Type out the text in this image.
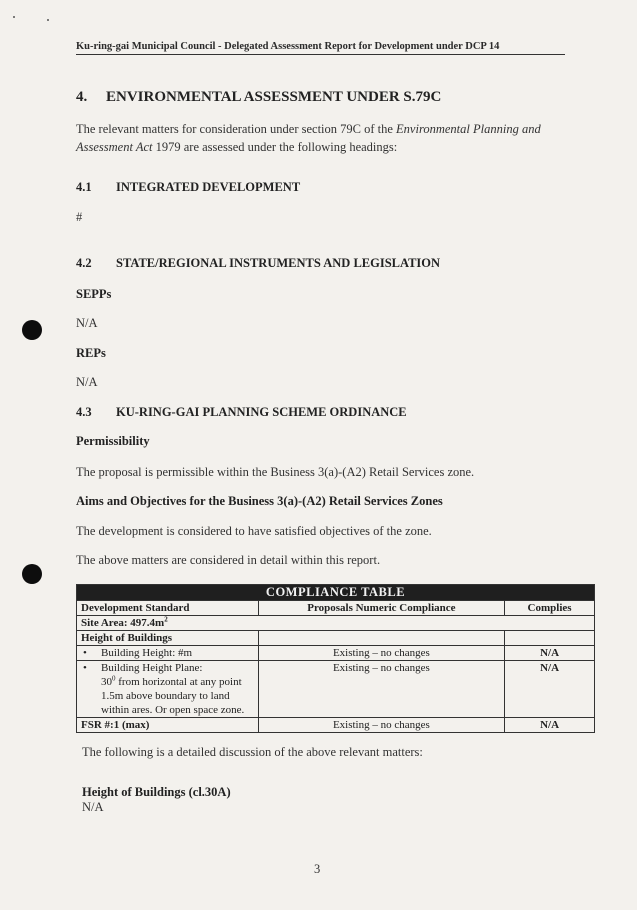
Ku-ring-gai Municipal Council - Delegated Assessment Report for Development under DCP 14
4. ENVIRONMENTAL ASSESSMENT UNDER S.79C
The relevant matters for consideration under section 79C of the Environmental Planning and Assessment Act 1979 are assessed under the following headings:
4.1 INTEGRATED DEVELOPMENT
#
4.2 STATE/REGIONAL INSTRUMENTS AND LEGISLATION
SEPPs
N/A
REPs
N/A
4.3 KU-RING-GAI PLANNING SCHEME ORDINANCE
Permissibility
The proposal is permissible within the Business 3(a)-(A2) Retail Services zone.
Aims and Objectives for the Business 3(a)-(A2) Retail Services Zones
The development is considered to have satisfied objectives of the zone.
The above matters are considered in detail within this report.
COMPLIANCE TABLE		
Development Standard	Proposals Numeric Compliance	Complies
Site Area: $497.4m^2$
Height of Buildings		

• Building Height: #m	Existing – no changes	N/A

• Building Height Plane:
$30^0$ from horizontal at any point 1.5m above boundary to land within ares. Or open space zone.	Existing – no changes	N/A
FSR #:1 (max)	Existing – no changes	N/A
The following is a detailed discussion of the above relevant matters:
Height of Buildings (cl.30A)
N/A
3
